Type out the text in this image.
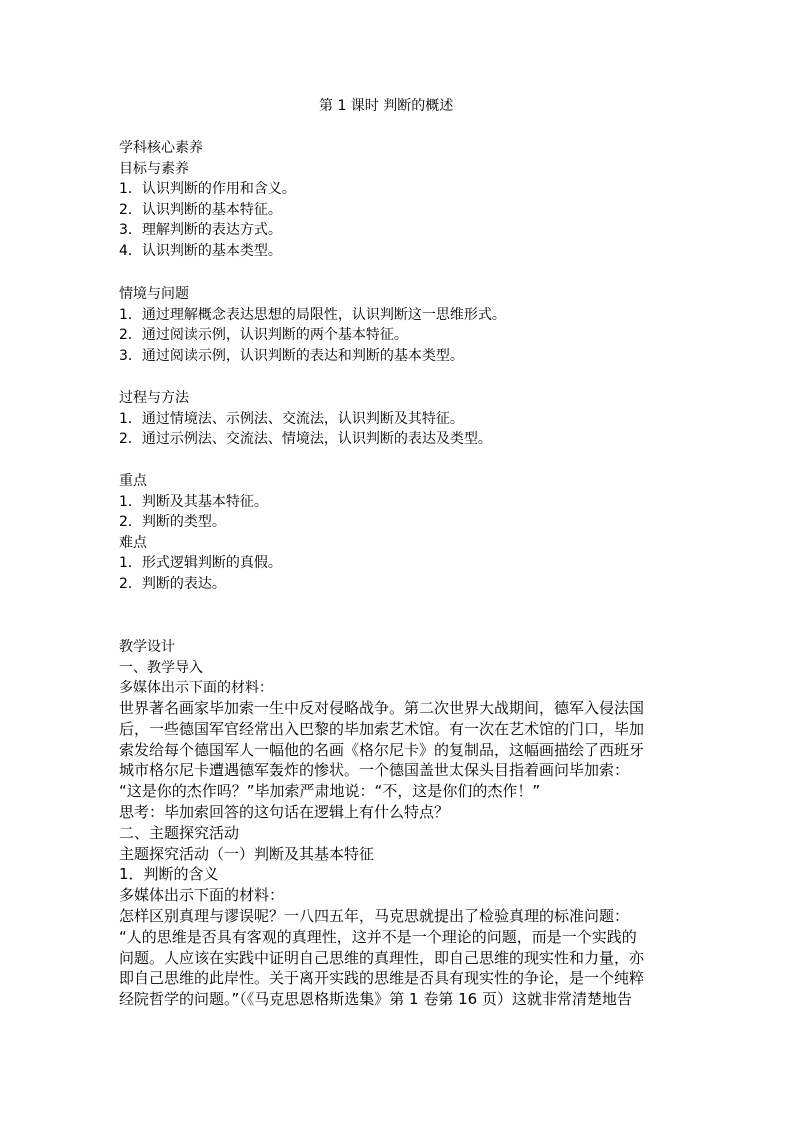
第 1 课时 判断的概述
学科核心素养
目标与素养
1．认识判断的作用和含义。
2．认识判断的基本特征。
3．理解判断的表达方式。
4．认识判断的基本类型。
情境与问题
1．通过理解概念表达思想的局限性，认识判断这一思维形式。
2．通过阅读示例，认识判断的两个基本特征。
3．通过阅读示例，认识判断的表达和判断的基本类型。
过程与方法
1．通过情境法、示例法、交流法，认识判断及其特征。
2．通过示例法、交流法、情境法，认识判断的表达及类型。
重点
1．判断及其基本特征。
2．判断的类型。
难点
1．形式逻辑判断的真假。
2．判断的表达。
教学设计
一、教学导入
多媒体出示下面的材料：
世界著名画家毕加索一生中反对侵略战争。第二次世界大战期间，德军入侵法国
后，一些德国军官经常出入巴黎的毕加索艺术馆。有一次在艺术馆的门口，毕加
索发给每个德国军人一幅他的名画《格尔尼卡》的复制品，这幅画描绘了西班牙
城市格尔尼卡遭遇德军轰炸的惨状。一个德国盖世太保头目指着画问毕加索：
“这是你的杰作吗？”毕加索严肃地说：“不，这是你们的杰作！”
思考：毕加索回答的这句话在逻辑上有什么特点？
二、主题探究活动
主题探究活动（一）判断及其基本特征
1．判断的含义
多媒体出示下面的材料：
怎样区别真理与谬误呢？一八四五年，马克思就提出了检验真理的标准问题：
“人的思维是否具有客观的真理性，这并不是一个理论的问题，而是一个实践的
问题。人应该在实践中证明自己思维的真理性，即自己思维的现实性和力量，亦
即自己思维的此岸性。关于离开实践的思维是否具有现实性的争论，是一个纯粹
经院哲学的问题。”（《马克思恩格斯选集》第 1 卷第 16 页）这就非常清楚地告
